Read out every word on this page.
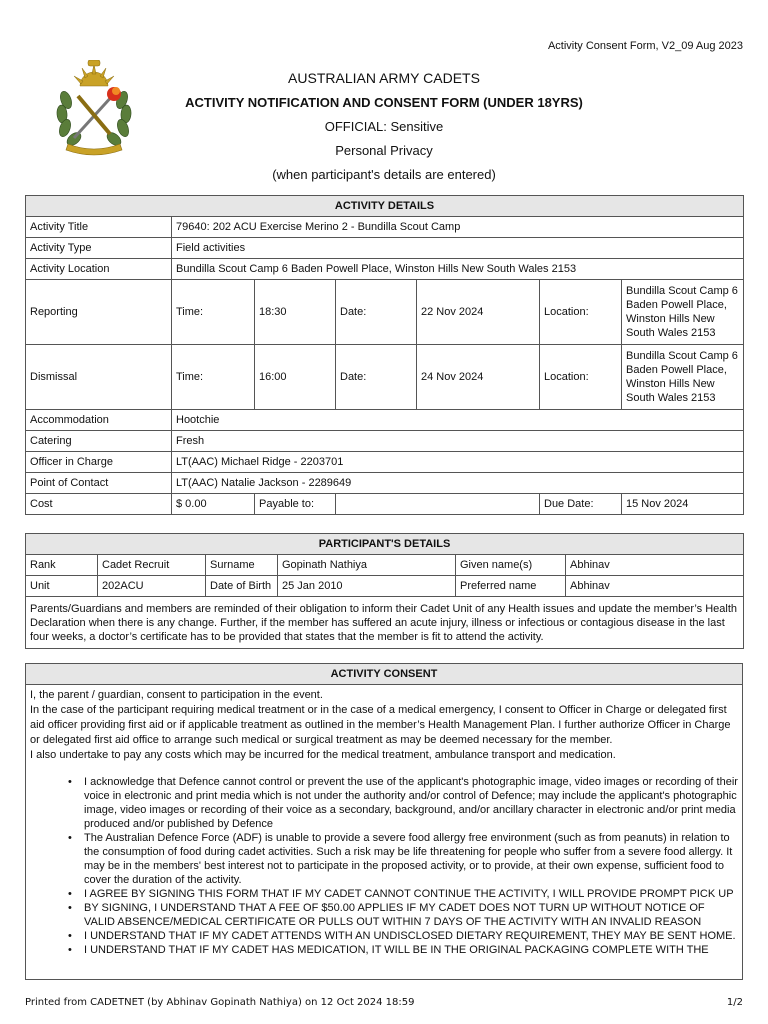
Activity Consent Form, V2_09 Aug 2023
AUSTRALIAN ARMY CADETS
ACTIVITY NOTIFICATION AND CONSENT FORM (UNDER 18YRS)
OFFICIAL: Sensitive
Personal Privacy
(when participant's details are entered)
ACTIVITY DETAILS						
Activity Title	79640: 202 ACU Exercise Merino 2 - Bundilla Scout Camp					
Activity Type	Field activities					
Activity Location	Bundilla Scout Camp 6 Baden Powell Place, Winston Hills New South Wales 2153					
Reporting	Time:	18:30	Date:	22 Nov 2024	Location:	Bundilla Scout Camp 6 Baden Powell Place, Winston Hills New South Wales 2153
Dismissal	Time:	16:00	Date:	24 Nov 2024	Location:	Bundilla Scout Camp 6 Baden Powell Place, Winston Hills New South Wales 2153
Accommodation	Hootchie					
Catering	Fresh					
Officer in Charge	LT(AAC) Michael Ridge - 2203701					
Point of Contact	LT(AAC) Natalie Jackson - 2289649					
Cost	$ 0.00	Payable to:			Due Date:	15 Nov 2024
PARTICIPANT'S DETAILS					
Rank	Cadet Recruit	Surname	Gopinath Nathiya	Given name(s)	Abhinav
Unit	202ACU	Date of Birth	25 Jan 2010	Preferred name	Abhinav
Parents/Guardians and members are reminded of their obligation to inform their Cadet Unit of any Health issues and update the member’s Health Declaration when there is any change. Further, if the member has suffered an acute injury, illness or infectious or contagious disease in the last four weeks, a doctor’s certificate has to be provided that states that the member is fit to attend the activity.					
ACTIVITY CONSENT

I, the parent / guardian, consent to participation in the event.

In the case of the participant requiring medical treatment or in the case of a medical emergency, I consent to Officer in Charge or delegated first aid officer providing first aid or if applicable treatment as outlined in the member’s Health Management Plan. I further authorize Officer in Charge or delegated first aid office to arrange such medical or surgical treatment as may be deemed necessary for the member.

I also undertake to pay any costs which may be incurred for the medical treatment, ambulance transport and medication.

• I acknowledge that Defence cannot control or prevent the use of the applicant's photographic image, video images or recording of their voice in electronic and print media which is not under the authority and/or control of Defence; may include the applicant's photographic image, video images or recording of their voice as a secondary, background, and/or ancillary character in electronic and/or print media produced and/or published by Defence
• The Australian Defence Force (ADF) is unable to provide a severe food allergy free environment (such as from peanuts) in relation to the consumption of food during cadet activities. Such a risk may be life threatening for people who suffer from a severe food allergy. It may be in the members' best interest not to participate in the proposed activity, or to provide, at their own expense, sufficient food to cover the duration of the activity.
• I AGREE BY SIGNING THIS FORM THAT IF MY CADET CANNOT CONTINUE THE ACTIVITY, I WILL PROVIDE PROMPT PICK UP
• BY SIGNING, I UNDERSTAND THAT A FEE OF $50.00 APPLIES IF MY CADET DOES NOT TURN UP WITHOUT NOTICE OF VALID ABSENCE/MEDICAL CERTIFICATE OR PULLS OUT WITHIN 7 DAYS OF THE ACTIVITY WITH AN INVALID REASON
• I UNDERSTAND THAT IF MY CADET ATTENDS WITH AN UNDISCLOSED DIETARY REQUIREMENT, THEY MAY BE SENT HOME.
• I UNDERSTAND THAT IF MY CADET HAS MEDICATION, IT WILL BE IN THE ORIGINAL PACKAGING COMPLETE WITH THE
Printed from CADETNET (by Abhinav Gopinath Nathiya) on 12 Oct 2024 18:59	1/2
